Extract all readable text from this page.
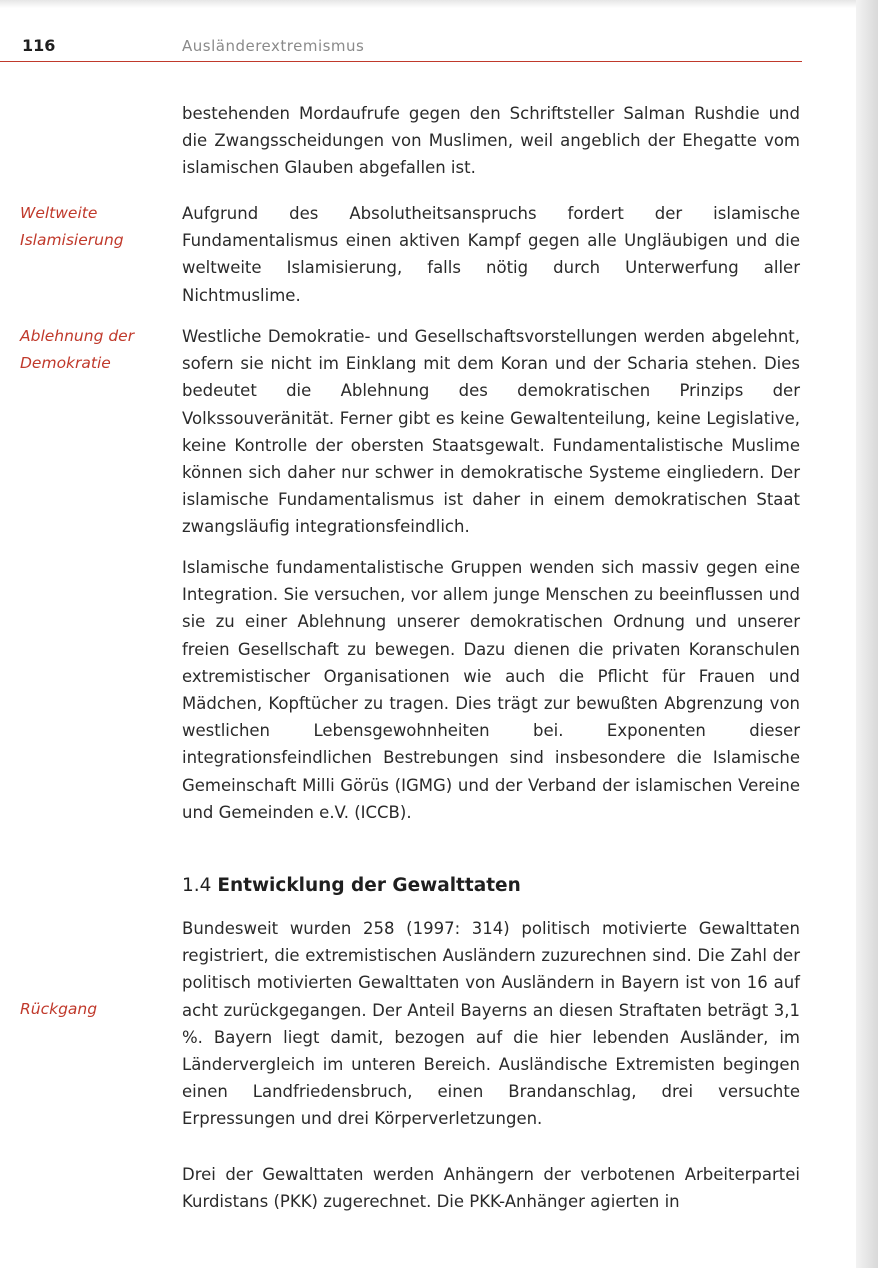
116	Ausländerextremismus
Weltweite
Islamisierung
Ablehnung der
Demokratie
Rückgang

bestehenden Mordaufrufe gegen den Schriftsteller Salman Rushdie und die Zwangsscheidungen von Muslimen, weil angeblich der Ehegatte vom islamischen Glauben abgefallen ist.

Aufgrund des Absolutheitsanspruchs fordert der islamische Fundamentalismus einen aktiven Kampf gegen alle Ungläubigen und die weltweite Islamisierung, falls nötig durch Unterwerfung aller Nichtmuslime.

Westliche Demokratie- und Gesellschaftsvorstellungen werden abgelehnt, sofern sie nicht im Einklang mit dem Koran und der Scharia stehen. Dies bedeutet die Ablehnung des demokratischen Prinzips der Volkssouveränität. Ferner gibt es keine Gewaltenteilung, keine Legislative, keine Kontrolle der obersten Staatsgewalt. Fundamentalistische Muslime können sich daher nur schwer in demokratische Systeme eingliedern. Der islamische Fundamentalismus ist daher in einem demokratischen Staat zwangsläufig integrationsfeindlich.

Islamische fundamentalistische Gruppen wenden sich massiv gegen eine Integration. Sie versuchen, vor allem junge Menschen zu beeinflussen und sie zu einer Ablehnung unserer demokratischen Ordnung und unserer freien Gesellschaft zu bewegen. Dazu dienen die privaten Koranschulen extremistischer Organisationen wie auch die Pflicht für Frauen und Mädchen, Kopftücher zu tragen. Dies trägt zur bewußten Abgrenzung von westlichen Lebensgewohnheiten bei. Exponenten dieser integrationsfeindlichen Bestrebungen sind insbesondere die Islamische Gemeinschaft Milli Görüs (IGMG) und der Verband der islamischen Vereine und Gemeinden e.V. (ICCB).

1.4 Entwicklung der Gewalttaten

Bundesweit wurden 258 (1997: 314) politisch motivierte Gewalttaten registriert, die extremistischen Ausländern zuzurechnen sind. Die Zahl der politisch motivierten Gewalttaten von Ausländern in Bayern ist von 16 auf acht zurückgegangen. Der Anteil Bayerns an diesen Straftaten beträgt 3,1 %. Bayern liegt damit, bezogen auf die hier lebenden Ausländer, im Ländervergleich im unteren Bereich. Ausländische Extremisten begingen einen Landfriedensbruch, einen Brandanschlag, drei versuchte Erpressungen und drei Körperverletzungen.

Drei der Gewalttaten werden Anhängern der verbotenen Arbeiterpartei Kurdistans (PKK) zugerechnet. Die PKK-Anhänger agierten in
